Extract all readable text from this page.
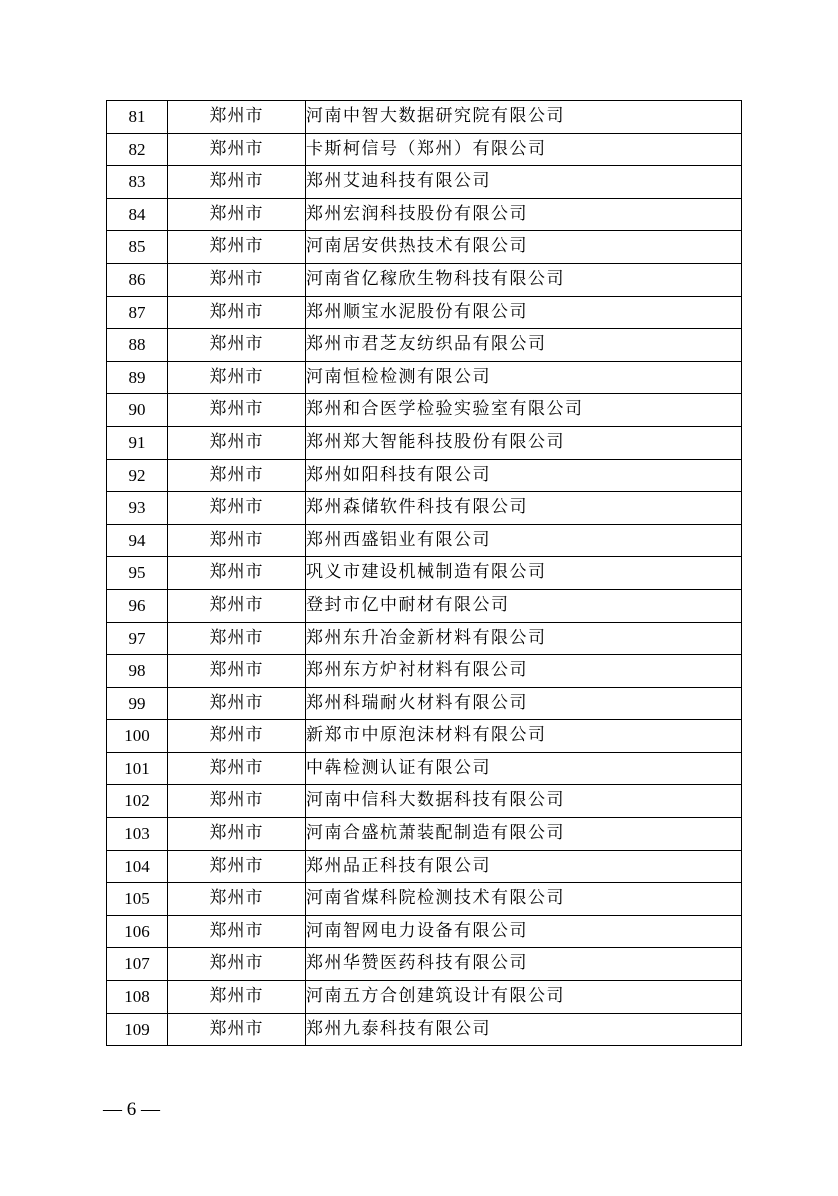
81	郑州市	河南中智大数据研究院有限公司
82	郑州市	卡斯柯信号（郑州）有限公司
83	郑州市	郑州艾迪科技有限公司
84	郑州市	郑州宏润科技股份有限公司
85	郑州市	河南居安供热技术有限公司
86	郑州市	河南省亿稼欣生物科技有限公司
87	郑州市	郑州顺宝水泥股份有限公司
88	郑州市	郑州市君芝友纺织品有限公司
89	郑州市	河南恒检检测有限公司
90	郑州市	郑州和合医学检验实验室有限公司
91	郑州市	郑州郑大智能科技股份有限公司
92	郑州市	郑州如阳科技有限公司
93	郑州市	郑州森储软件科技有限公司
94	郑州市	郑州西盛铝业有限公司
95	郑州市	巩义市建设机械制造有限公司
96	郑州市	登封市亿中耐材有限公司
97	郑州市	郑州东升冶金新材料有限公司
98	郑州市	郑州东方炉衬材料有限公司
99	郑州市	郑州科瑞耐火材料有限公司
100	郑州市	新郑市中原泡沫材料有限公司
101	郑州市	中犇检测认证有限公司
102	郑州市	河南中信科大数据科技有限公司
103	郑州市	河南合盛杭萧装配制造有限公司
104	郑州市	郑州品正科技有限公司
105	郑州市	河南省煤科院检测技术有限公司
106	郑州市	河南智网电力设备有限公司
107	郑州市	郑州华赞医药科技有限公司
108	郑州市	河南五方合创建筑设计有限公司
109	郑州市	郑州九泰科技有限公司
— 6 —
